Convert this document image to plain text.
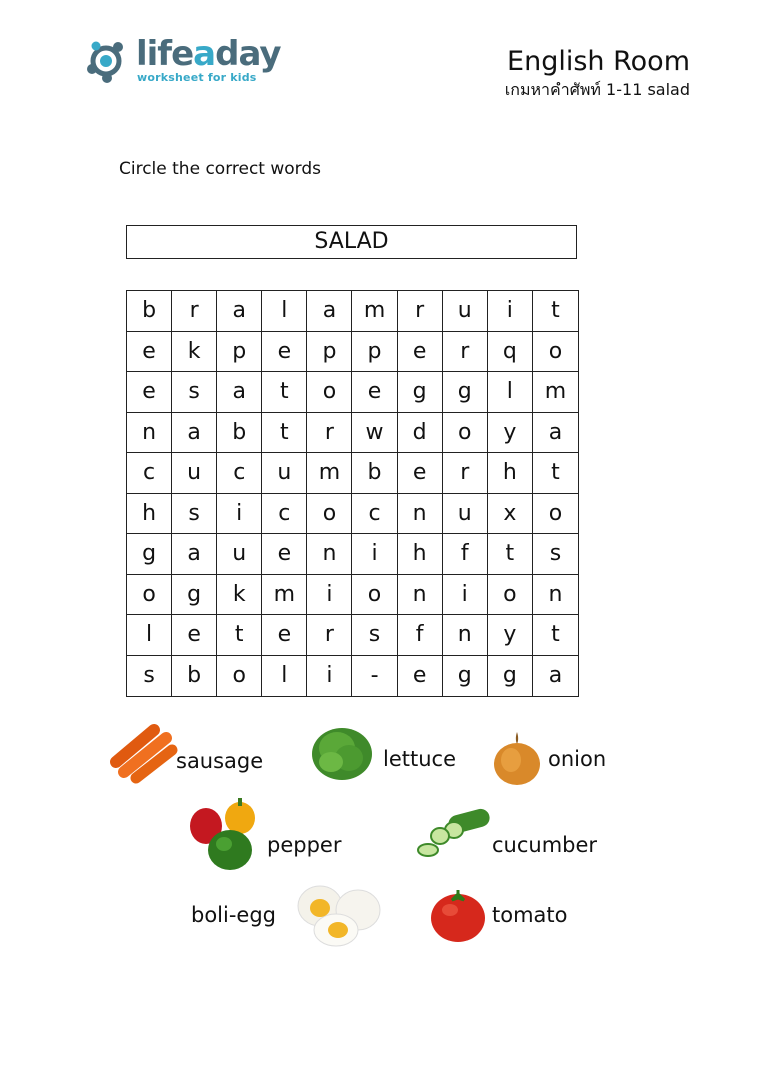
lifeaday
worksheet for kids
English Room
เกมหาคำศัพท์ 1-11 salad
Circle the correct words
SALAD
b	r	a	l	a	m	r	u	i	t
e	k	p	e	p	p	e	r	q	o
e	s	a	t	o	e	g	g	l	m
n	a	b	t	r	w	d	o	y	a
c	u	c	u	m	b	e	r	h	t
h	s	i	c	o	c	n	u	x	o
g	a	u	e	n	i	h	f	t	s
o	g	k	m	i	o	n	i	o	n
l	e	t	e	r	s	f	n	y	t
s	b	o	l	i	-	e	g	g	a
sausage	lettuce	onion
pepper	cucumber
boli-egg	tomato
